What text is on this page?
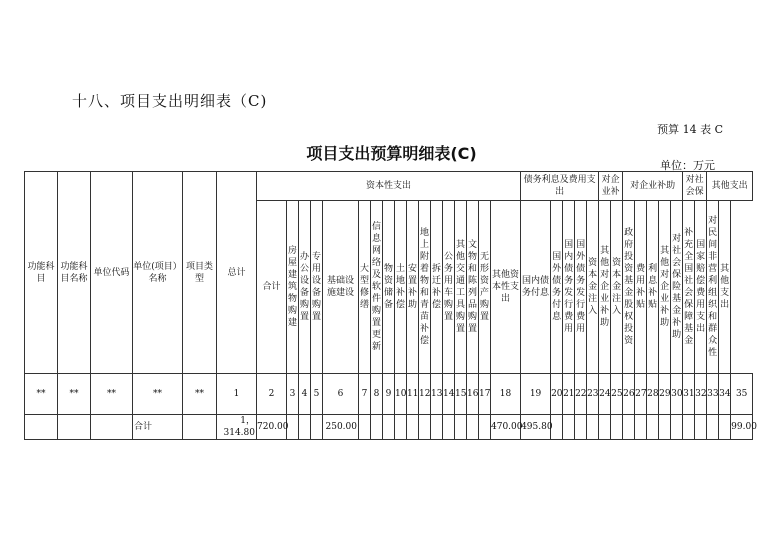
十八、项目支出明细表（C)
预算 14 表 C
项目支出预算明细表(C)
单位：万元
功能科目	功能科目名称	单位代码	单位(项目）名称	项目类型	总计	资本性支出																	债务利息及费用支出					对企业补		对企业补助					对社会保		其他支出		
						合计	房屋建筑物购建	办公设备购置	专用设备购置	基础设施建设	大型修缮	信息网络及软件购置更新	物资储备	土地补偿	安置补助	地上附着物和青苗补偿	拆迁补偿	公务用车购置	其他交通工具购置	文物和陈列品购置	无形资产购置	其他资本性支出	国内债务付息	国外债务付息	国内债务发行费用	国外债务发行费用	资本金注入	其他对企业补助	资本金注入	政府投资基金股权投资	费用补贴	利息补贴	其他对企业补助	对社会保险基金补助	补充全国社会保障基金	国家赔偿费用支出	对民间非营利组织和群众性	其他支出	
**	**	**	**	**	1	2	3	4	5	6	7	8	9	10	11	12	13	14	15	16	17	18	19	20	21	22	23	24	25	26	27	28	29	30	31	32	33	34	35
			合计		1，314.80	720.00				250.00												470.00	495.80																99.00
